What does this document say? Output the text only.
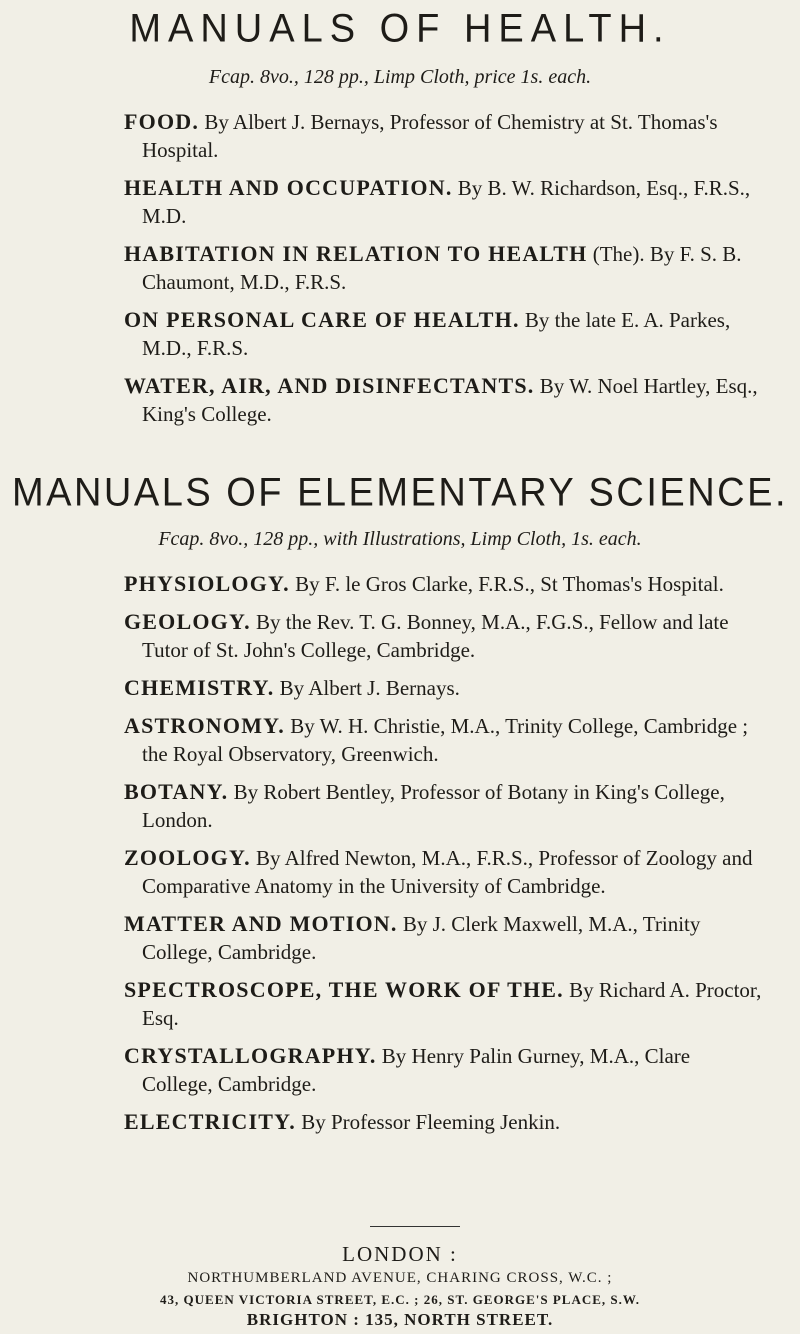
MANUALS OF HEALTH.
Fcap. 8vo., 128 pp., Limp Cloth, price 1s. each.

FOOD. By Albert J. Bernays, Professor of Chemistry at St. Thomas's Hospital.

HEALTH AND OCCUPATION. By B. W. Richardson, Esq., F.R.S., M.D.

HABITATION IN RELATION TO HEALTH (The). By F. S. B. Chaumont, M.D., F.R.S.

ON PERSONAL CARE OF HEALTH. By the late E. A. Parkes, M.D., F.R.S.

WATER, AIR, AND DISINFECTANTS. By W. Noel Hartley, Esq., King's College.

MANUALS OF ELEMENTARY SCIENCE.
Fcap. 8vo., 128 pp., with Illustrations, Limp Cloth, 1s. each.

PHYSIOLOGY. By F. le Gros Clarke, F.R.S., St Thomas's Hospital.

GEOLOGY. By the Rev. T. G. Bonney, M.A., F.G.S., Fellow and late Tutor of St. John's College, Cambridge.

CHEMISTRY. By Albert J. Bernays.

ASTRONOMY. By W. H. Christie, M.A., Trinity College, Cambridge ; the Royal Observatory, Greenwich.

BOTANY. By Robert Bentley, Professor of Botany in King's College, London.

ZOOLOGY. By Alfred Newton, M.A., F.R.S., Professor of Zoology and Comparative Anatomy in the University of Cambridge.

MATTER AND MOTION. By J. Clerk Maxwell, M.A., Trinity College, Cambridge.

SPECTROSCOPE, THE WORK OF THE. By Richard A. Proctor, Esq.

CRYSTALLOGRAPHY. By Henry Palin Gurney, M.A., Clare College, Cambridge.

ELECTRICITY. By Professor Fleeming Jenkin.

LONDON :
NORTHUMBERLAND AVENUE, CHARING CROSS, W.C. ;
43, QUEEN VICTORIA STREET, E.C. ; 26, ST. GEORGE'S PLACE, S.W.
BRIGHTON : 135, NORTH STREET.
